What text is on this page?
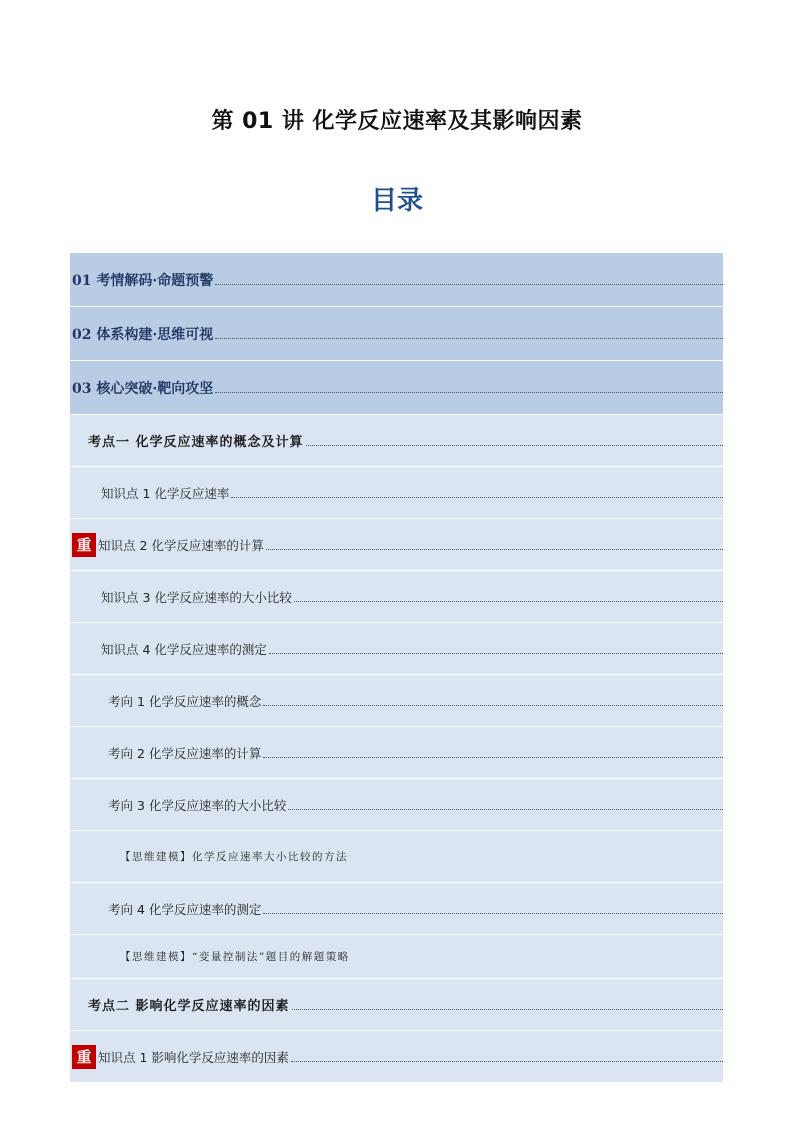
第 01 讲 化学反应速率及其影响因素
目录
01 考情解码·命题预警
02 体系构建·思维可视
03 核心突破·靶向攻坚
考点一 化学反应速率的概念及计算
知识点 1 化学反应速率
重 知识点 2 化学反应速率的计算
知识点 3 化学反应速率的大小比较
知识点 4 化学反应速率的测定
考向 1 化学反应速率的概念
考向 2 化学反应速率的计算
考向 3 化学反应速率的大小比较
【思维建模】化学反应速率大小比较的方法
考向 4 化学反应速率的测定
【思维建模】“变量控制法”题目的解题策略
考点二 影响化学反应速率的因素
重 知识点 1 影响化学反应速率的因素
